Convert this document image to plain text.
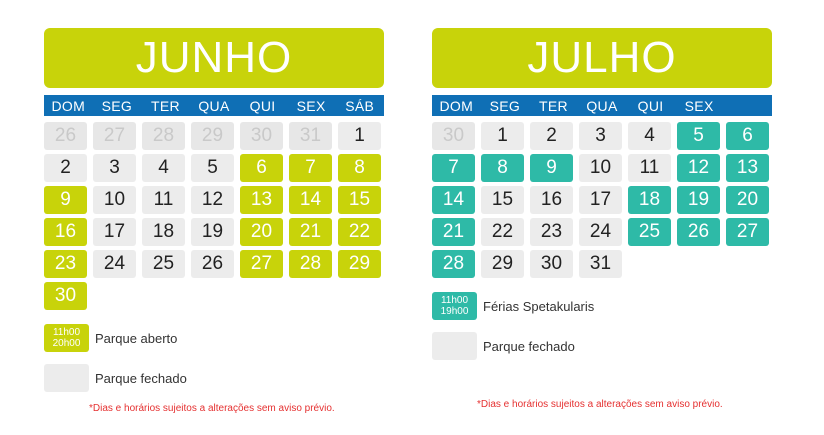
JUNHO
DOM	SEG	TER	QUA	QUI	SEX	SÁB
26	27	28	29	30	31	1
2	3	4	5	6	7	8
9	10	11	12	13	14	15
16	17	18	19	20	21	22
23	24	25	26	27	28	29
30
11h00
20h00 Parque aberto
Parque fechado
JULHO
DOM	SEG	TER	QUA	QUI	SEX
30	1	2	3	4	5	6
7	8	9	10	11	12	13
14	15	16	17	18	19	20
21	22	23	24	25	26	27
28	29	30	31
11h00
19h00 Férias Spetakularis
Parque fechado
*Dias e horários sujeitos a alterações sem aviso prévio.	*Dias e horários sujeitos a alterações sem aviso prévio.
